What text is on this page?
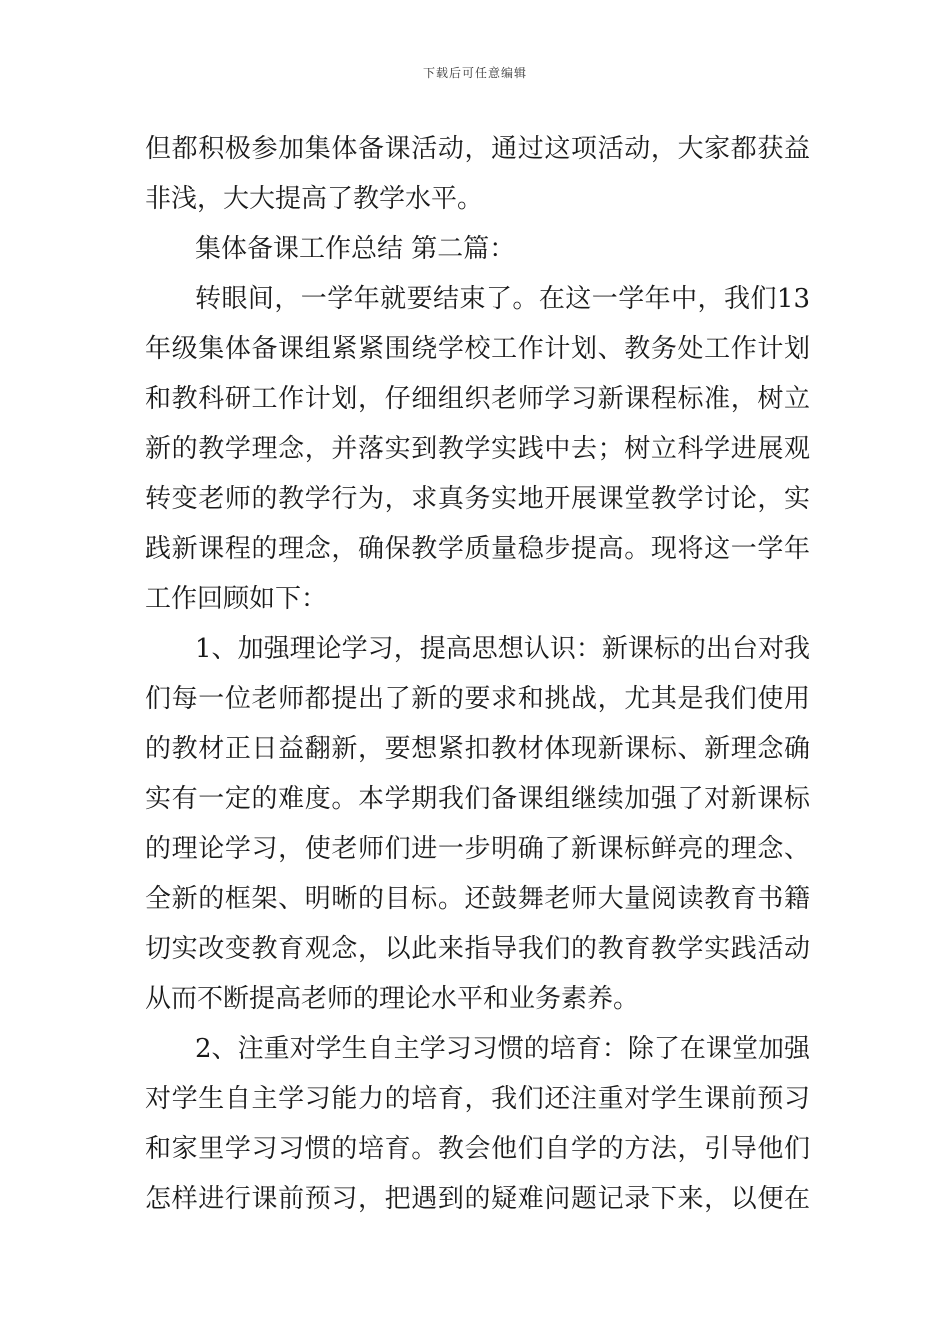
下载后可任意编辑
但都积极参加集体备课活动，通过这项活动，大家都获益
非浅，大大提高了教学水平。
集体备课工作总结 第二篇：
转眼间，一学年就要结束了。在这一学年中，我们13
年级集体备课组紧紧围绕学校工作计划、教务处工作计划
和教科研工作计划，仔细组织老师学习新课程标准，树立
新的教学理念，并落实到教学实践中去；树立科学进展观
转变老师的教学行为，求真务实地开展课堂教学讨论，实
践新课程的理念，确保教学质量稳步提高。现将这一学年
工作回顾如下：
1、加强理论学习，提高思想认识：新课标的出台对我
们每一位老师都提出了新的要求和挑战，尤其是我们使用
的教材正日益翻新，要想紧扣教材体现新课标、新理念确
实有一定的难度。本学期我们备课组继续加强了对新课标
的理论学习，使老师们进一步明确了新课标鲜亮的理念、
全新的框架、明晰的目标。还鼓舞老师大量阅读教育书籍
切实改变教育观念，以此来指导我们的教育教学实践活动
从而不断提高老师的理论水平和业务素养。
2、注重对学生自主学习习惯的培育：除了在课堂加强
对学生自主学习能力的培育，我们还注重对学生课前预习
和家里学习习惯的培育。教会他们自学的方法，引导他们
怎样进行课前预习，把遇到的疑难问题记录下来，以便在
